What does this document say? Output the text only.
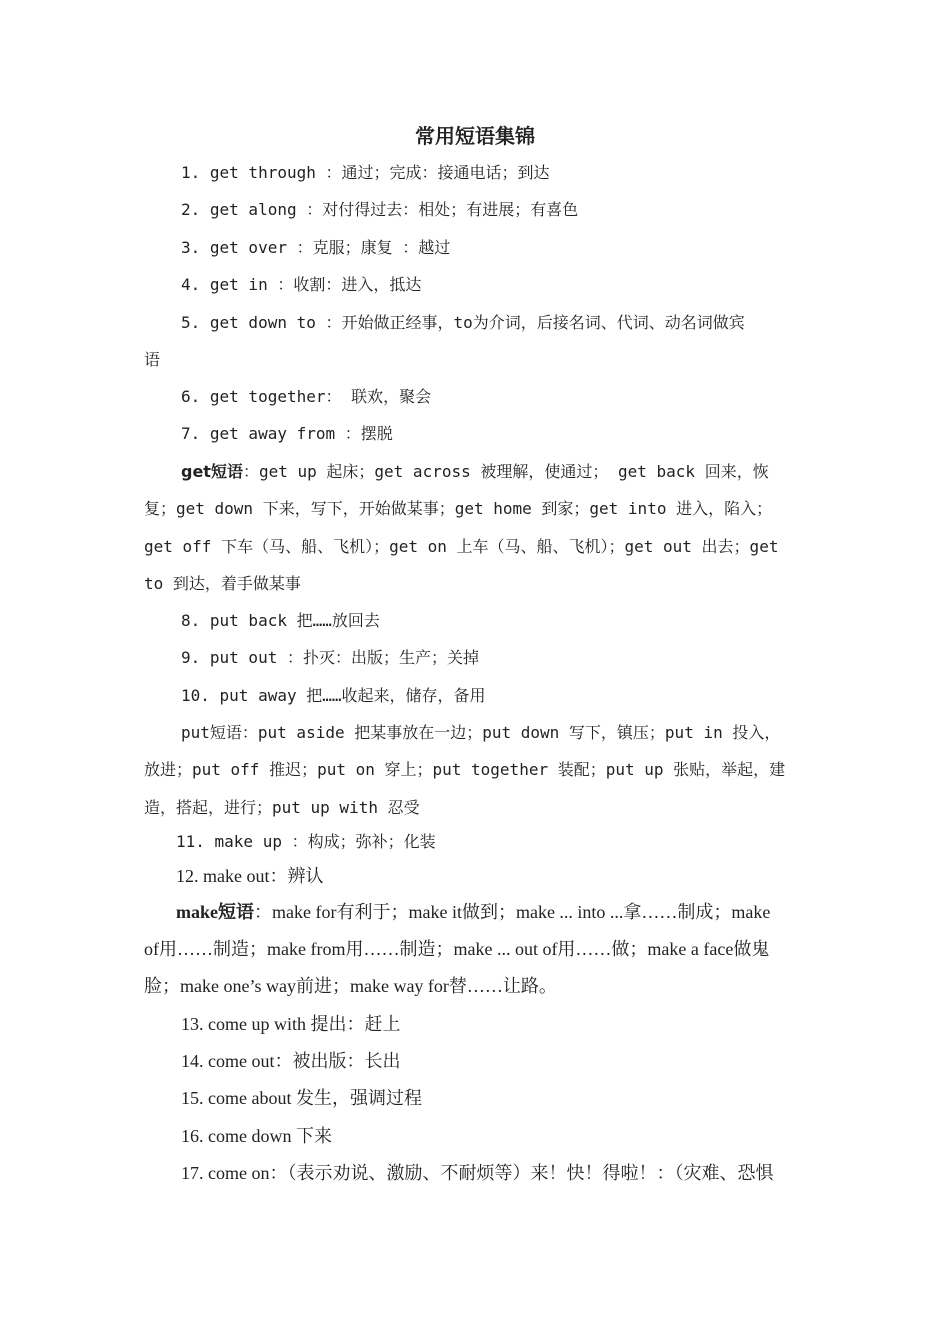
常用短语集锦
1. get through ：通过；完成：接通电话；到达
2. get along ：对付得过去：相处；有进展；有喜色
3. get over ：克服；康复 ：越过
4. get in ：收割：进入，抵达
5. get down to ：开始做正经事，to为介词，后接名词、代词、动名词做宾
语
6. get together： 联欢，聚会
7. get away from ：摆脱
get短语：get up 起床；get across 被理解，使通过； get back 回来，恢
复；get down 下来，写下，开始做某事；get home 到家；get into 进入，陷入；
get off 下车（马、船、飞机）；get on 上车（马、船、飞机）；get out 出去；get
to 到达，着手做某事
8. put back 把……放回去
9. put out ：扑灭：出版；生产；关掉
10. put away 把……收起来，储存，备用
put短语：put aside 把某事放在一边；put down 写下，镇压；put in 投入，
放进；put off 推迟；put on 穿上；put together 装配；put up 张贴，举起，建
造，搭起，进行；put up with 忍受
11. make up ：构成；弥补；化装
12. make out：辨认
make短语：make for有利于；make it做到；make ... into ...拿……制成；make
of用……制造；make from用……制造；make ... out of用……做；make a face做鬼
脸；make one’s way前进；make way for替……让路。
13. come up with 提出：赶上
14. come out：被出版：长出
15. come about 发生，强调过程
16. come down 下来
17. come on：（表示劝说、激励、不耐烦等）来！快！得啦！：（灾难、恐惧
